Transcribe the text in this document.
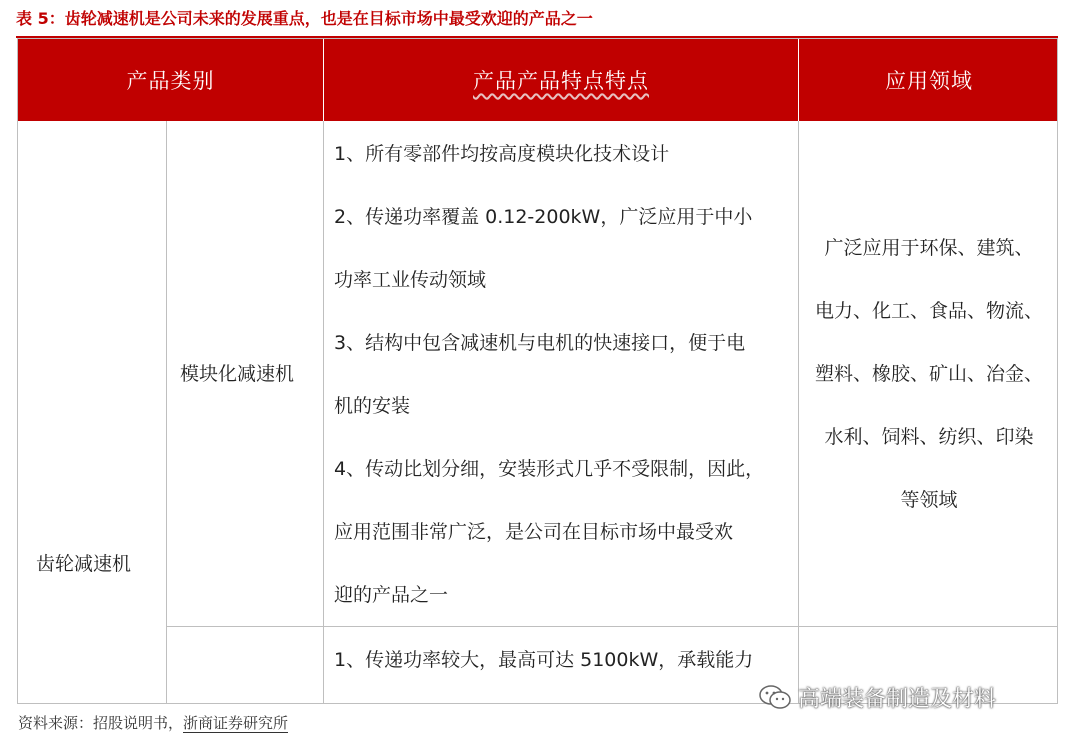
表 5：齿轮减速机是公司未来的发展重点，也是在目标市场中最受欢迎的产品之一
产品类别	产品产品特点特点	应用领域
齿轮减速机
模块化减速机
1、所有零部件均按高度模块化技术设计
2、传递功率覆盖 0.12-200kW，广泛应用于中小
功率工业传动领域
3、结构中包含减速机与电机的快速接口，便于电
机的安装
4、传动比划分细，安装形式几乎不受限制，因此，
应用范围非常广泛，是公司在目标市场中最受欢
迎的产品之一
广泛应用于环保、建筑、
电力、化工、食品、物流、
塑料、橡胶、矿山、冶金、
水利、饲料、纺织、印染
等领域
1、传递功率较大，最高可达 5100kW，承载能力
资料来源：招股说明书，浙商证券研究所
高端装备制造及材料
